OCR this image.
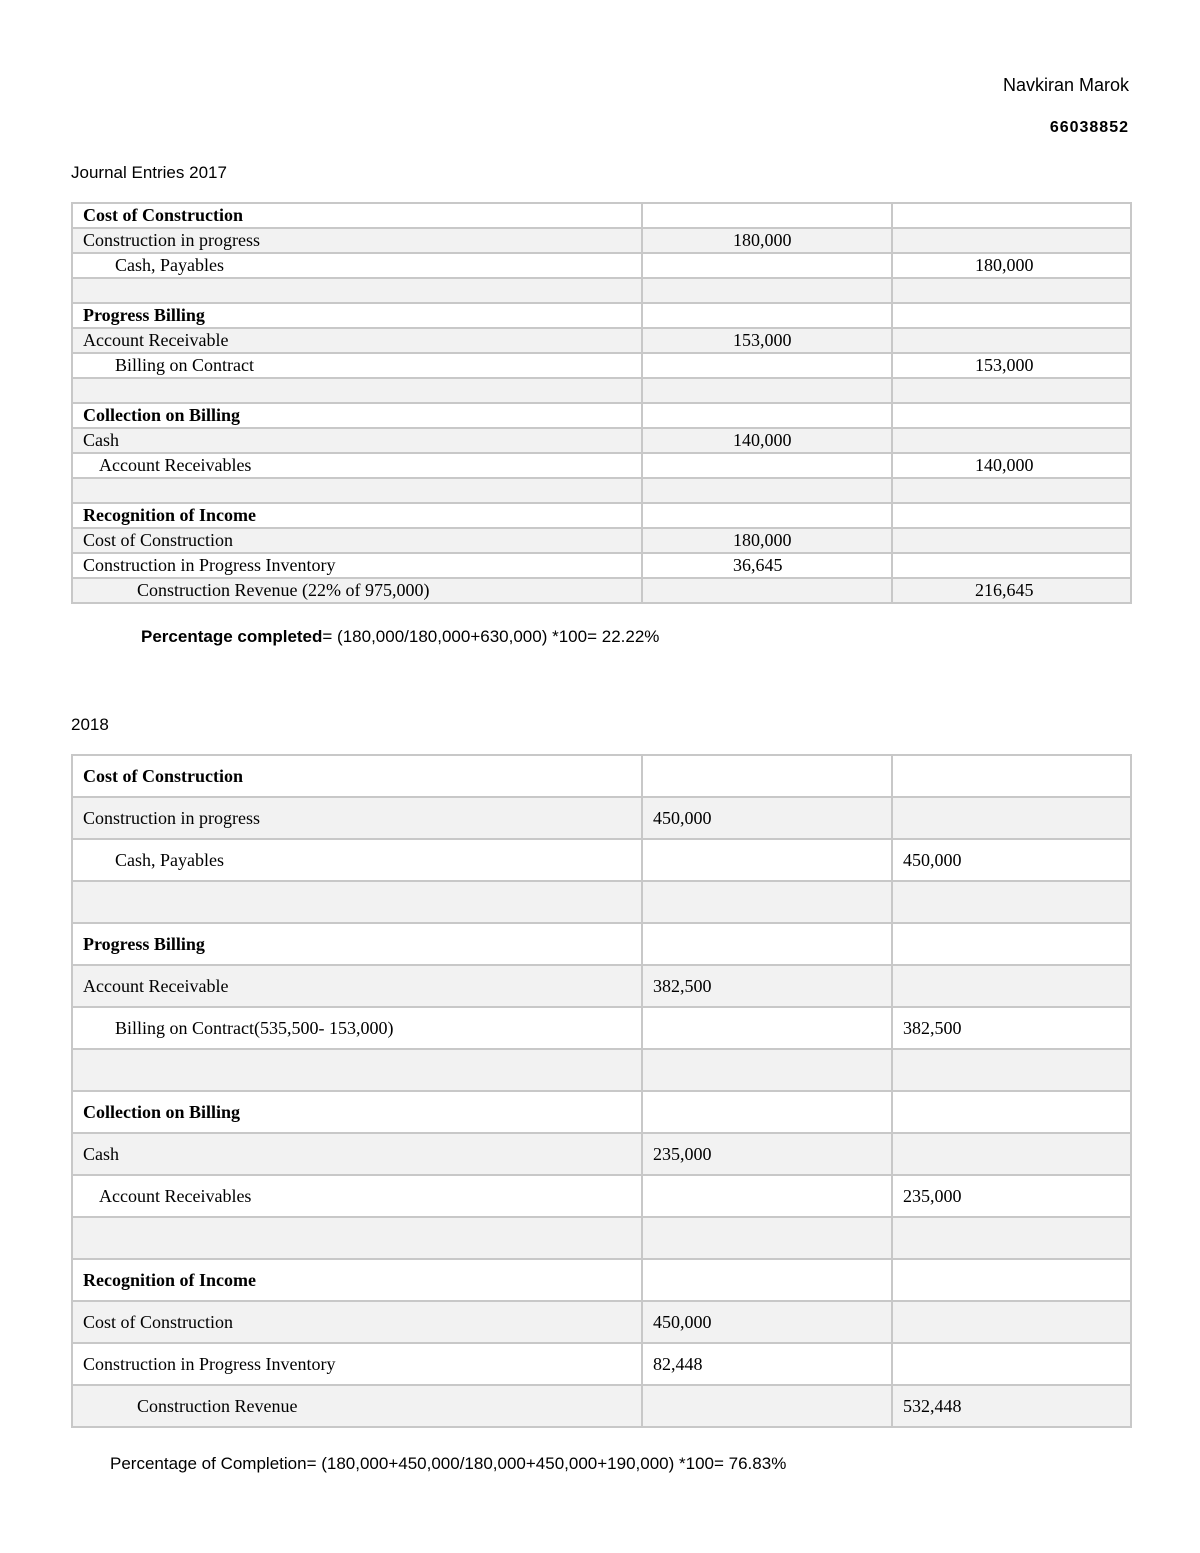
Navkiran Marok
66038852
Journal Entries 2017
Cost of Construction		
Construction in progress	180,000	
Cash, Payables		180,000

Progress Billing		
Account Receivable	153,000	
Billing on Contract		153,000

Collection on Billing		
Cash	140,000	
Account Receivables		140,000

Recognition of Income		
Cost of Construction	180,000	
Construction in Progress Inventory	36,645	
Construction Revenue (22% of 975,000)		216,645
Percentage completed= (180,000/180,000+630,000) *100= 22.22%
2018
Cost of Construction		
Construction in progress	450,000	
Cash, Payables		450,000

Progress Billing		
Account Receivable	382,500	
Billing on Contract(535,500- 153,000)		382,500

Collection on Billing		
Cash	235,000	
Account Receivables		235,000

Recognition of Income		
Cost of Construction	450,000	
Construction in Progress Inventory	82,448	
Construction Revenue		532,448
Percentage of Completion= (180,000+450,000/180,000+450,000+190,000) *100= 76.83%
